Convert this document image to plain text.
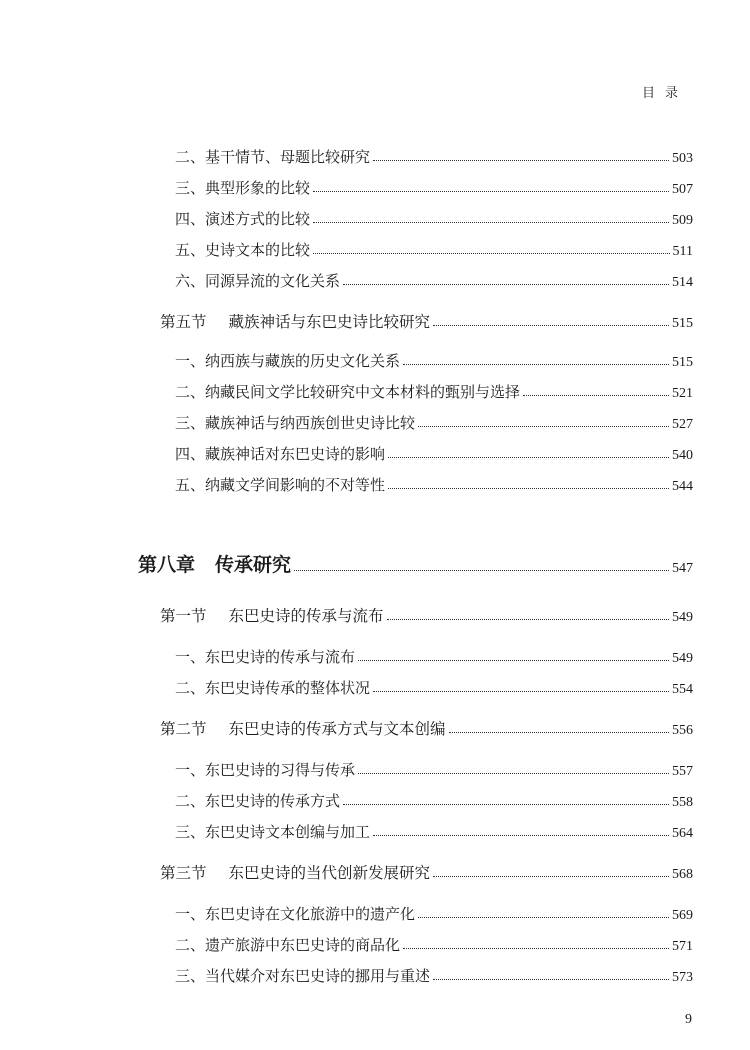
目录
二、基干情节、母题比较研究	503
三、典型形象的比较	507
四、演述方式的比较	509
五、史诗文本的比较	511
六、同源异流的文化关系	514
第五节 藏族神话与东巴史诗比较研究	515
一、纳西族与藏族的历史文化关系	515
二、纳藏民间文学比较研究中文本材料的甄别与选择	521
三、藏族神话与纳西族创世史诗比较	527
四、藏族神话对东巴史诗的影响	540
五、纳藏文学间影响的不对等性	544
第八章 传承研究	547
第一节 东巴史诗的传承与流布	549
一、东巴史诗的传承与流布	549
二、东巴史诗传承的整体状况	554
第二节 东巴史诗的传承方式与文本创编	556
一、东巴史诗的习得与传承	557
二、东巴史诗的传承方式	558
三、东巴史诗文本创编与加工	564
第三节 东巴史诗的当代创新发展研究	568
一、东巴史诗在文化旅游中的遗产化	569
二、遗产旅游中东巴史诗的商品化	571
三、当代媒介对东巴史诗的挪用与重述	573
9
